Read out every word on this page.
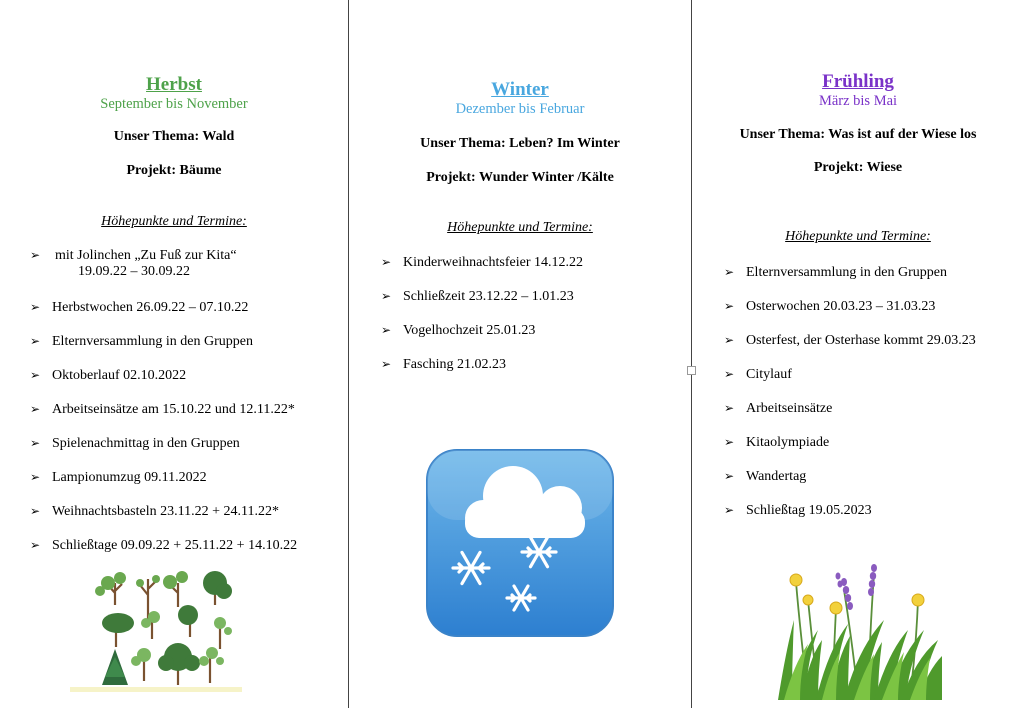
Herbst
September bis November
Unser Thema: Wald
Projekt: Bäume
Höhepunkte und Termine:
➢ mit Jolinchen „Zu Fuß zur Kita“
19.09.22 – 30.09.22
➢ Herbstwochen 26.09.22 – 07.10.22
➢ Elternversammlung in den Gruppen
➢ Oktoberlauf 02.10.2022
➢ Arbeitseinsätze am 15.10.22 und 12.11.22*
➢ Spielenachmittag in den Gruppen
➢ Lampionumzug 09.11.2022
➢ Weihnachtsbasteln 23.11.22 + 24.11.22*
➢ Schließtage 09.09.22 + 25.11.22 + 14.10.22
Winter
Dezember bis Februar
Unser Thema: Leben? Im Winter
Projekt: Wunder Winter /Kälte
Höhepunkte und Termine:
➢ Kinderweihnachtsfeier 14.12.22
➢ Schließzeit 23.12.22 – 1.01.23
➢ Vogelhochzeit 25.01.23
➢ Fasching 21.02.23
Frühling
März bis Mai
Unser Thema: Was ist auf der Wiese los
Projekt: Wiese
Höhepunkte und Termine:
➢ Elternversammlung in den Gruppen
➢ Osterwochen 20.03.23 – 31.03.23
➢ Osterfest, der Osterhase kommt 29.03.23
➢ Citylauf
➢ Arbeitseinsätze
➢ Kitaolympiade
➢ Wandertag
➢ Schließtag 19.05.2023
